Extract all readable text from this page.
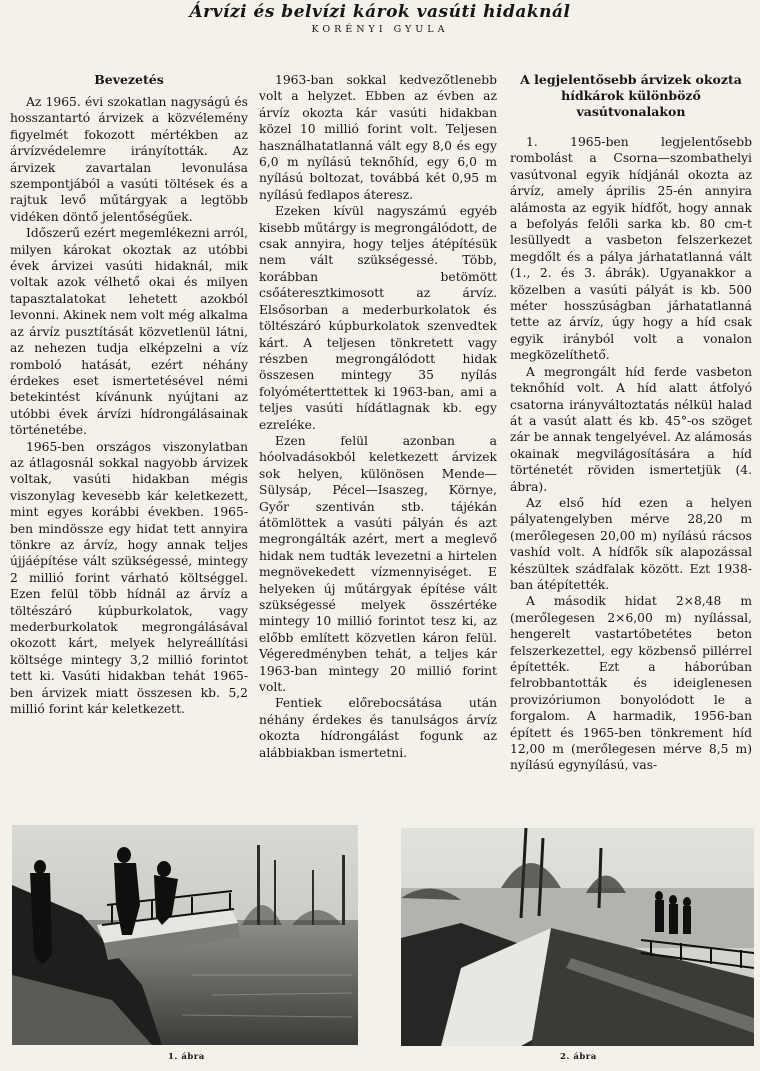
Árvízi és belvízi károk vasúti hidaknál
KORÉNYI GYULA
Bevezetés

Az 1965. évi szokatlan nagyságú és hosszantartó árvizek a közvélemény figyelmét fokozott mértékben az árvízvédelemre irányították. Az árvizek zavartalan levonulása szempontjából a vasúti töltések és a rajtuk levő műtárgyak a legtöbb vidéken döntő jelentőségűek.

Időszerű ezért megemlékezni arról, milyen károkat okoztak az utóbbi évek árvizei vasúti hidaknál, mik voltak azok vélhető okai és milyen tapasztalatokat lehetett azokból levonni. Akinek nem volt még alkalma az árvíz pusztítását közvetlenül látni, az nehezen tudja elképzelni a víz romboló hatását, ezért néhány érdekes eset ismertetésével némi betekintést kívánunk nyújtani az utóbbi évek árvízi hídrongálásainak történetébe.

1965-ben országos viszonylatban az átlagosnál sokkal nagyobb árvizek voltak, vasúti hidakban mégis viszonylag kevesebb kár keletkezett, mint egyes korábbi években. 1965-ben mindössze egy hidat tett annyira tönkre az árvíz, hogy annak teljes újjáépítése vált szükségessé, mintegy 2 millió forint várható költséggel. Ezen felül több hídnál az árvíz a töltészáró kúpburkolatok, vagy mederburkolatok megrongálásával okozott kárt, melyek helyreállítási költsége mintegy 3,2 millió forintot tett ki. Vasúti hidakban tehát 1965-ben árvizek miatt összesen kb. 5,2 millió forint kár keletkezett.

1963-ban sokkal kedvezőtlenebb volt a helyzet. Ebben az évben az árvíz okozta kár vasúti hidakban közel 10 millió forint volt. Teljesen használhatatlanná vált egy 8,0 és egy 6,0 m nyílású teknőhíd, egy 6,0 m nyílású boltozat, továbbá két 0,95 m nyílású fedlapos áteresz.

Ezeken kívül nagyszámú egyéb kisebb műtárgy is megrongálódott, de csak annyira, hogy teljes átépítésük nem vált szükségessé. Több, korábban betömött csőáteresztkimosott az árvíz. Elsősorban a mederburkolatok és töltészáró kúpburkolatok szenvedtek kárt. A teljesen tönkretett vagy részben megrongálódott hidak összesen mintegy 35 nyílás folyóméterttettek ki 1963-ban, ami a teljes vasúti hídátlagnak kb. egy ezreléke.

Ezen felül azonban a hóolvadásokból keletkezett árvizek sok helyen, különösen Mende—Sülysáp, Pécel—Isaszeg, Környe, Győr szentiván stb. tájékán átömlöttek a vasúti pályán és azt megrongálták azért, mert a meglevő hidak nem tudták levezetni a hirtelen megnövekedett vízmennyiséget. E helyeken új műtárgyak építése vált szükségessé melyek összértéke mintegy 10 millió forintot tesz ki, az előbb említett közvetlen káron felül. Végeredményben tehát, a teljes kár 1963-ban mintegy 20 millió forint volt.

Fentiek előrebocsátása után néhány érdekes és tanulságos árvíz okozta hídrongálást fogunk az alábbiakban ismertetni.

A legjelentősebb árvizek okozta hídkárok különböző vasútvonalakon

1. 1965-ben legjelentősebb rombolást a Csorna—szombathelyi vasútvonal egyik hídjánál okozta az árvíz, amely április 25-én annyira alámosta az egyik hídfőt, hogy annak a befolyás felőli sarka kb. 80 cm-t lesüllyedt a vasbeton felszerkezet megdőlt és a pálya járhatatlanná vált (1., 2. és 3. ábrák). Ugyanakkor a közelben a vasúti pályát is kb. 500 méter hosszúságban járhatatlanná tette az árvíz, úgy hogy a híd csak egyik irányból volt a vonalon megközelíthető.

A megrongált híd ferde vasbeton teknőhíd volt. A híd alatt átfolyó csatorna irányváltoztatás nélkül halad át a vasút alatt és kb. 45°-os szöget zár be annak tengelyével. Az alámosás okainak megvilágosítására a híd történetét röviden ismertetjük (4. ábra).

Az első híd ezen a helyen pályatengelyben mérve 28,20 m (merőlegesen 20,00 m) nyílású rácsos vashíd volt. A hídfők sík alapozással készültek szádfalak között. Ezt 1938-ban átépítették.

A második hidat 2×8,48 m (merőlegesen 2×6,00 m) nyílással, hengerelt vastartóbetétes beton felszerkezettel, egy közbenső pillérrel építették. Ezt a háborúban felrobbantották és ideiglenesen provizóriumon bonyolódott le a forgalom. A harmadik, 1956-ban épített és 1965-ben tönkrement híd 12,00 m (merőlegesen mérve 8,5 m) nyílású egynyílású, vas-

1. ábra	2. ábra
